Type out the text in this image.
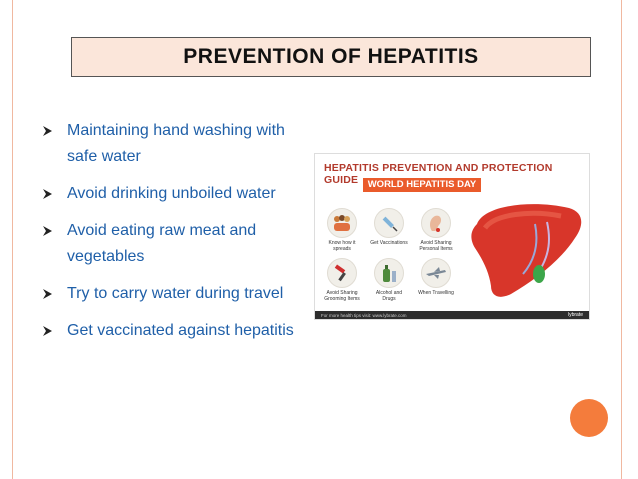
PREVENTION OF HEPATITIS
Maintaining hand washing with
safe water
Avoid drinking unboiled water
Avoid eating raw meat and
vegetables
Try to carry water during travel
Get vaccinated against hepatitis
HEPATITIS PREVENTION AND PROTECTION GUIDE WORLD HEPATITIS DAY
Know how it spreads
Get Vaccinations	Avoid Sharing Personal Items
Avoid Sharing Grooming Items
Alcohol and Drugs
When Travelling
For more health tips visit: www.lybrate.com	lybrate
